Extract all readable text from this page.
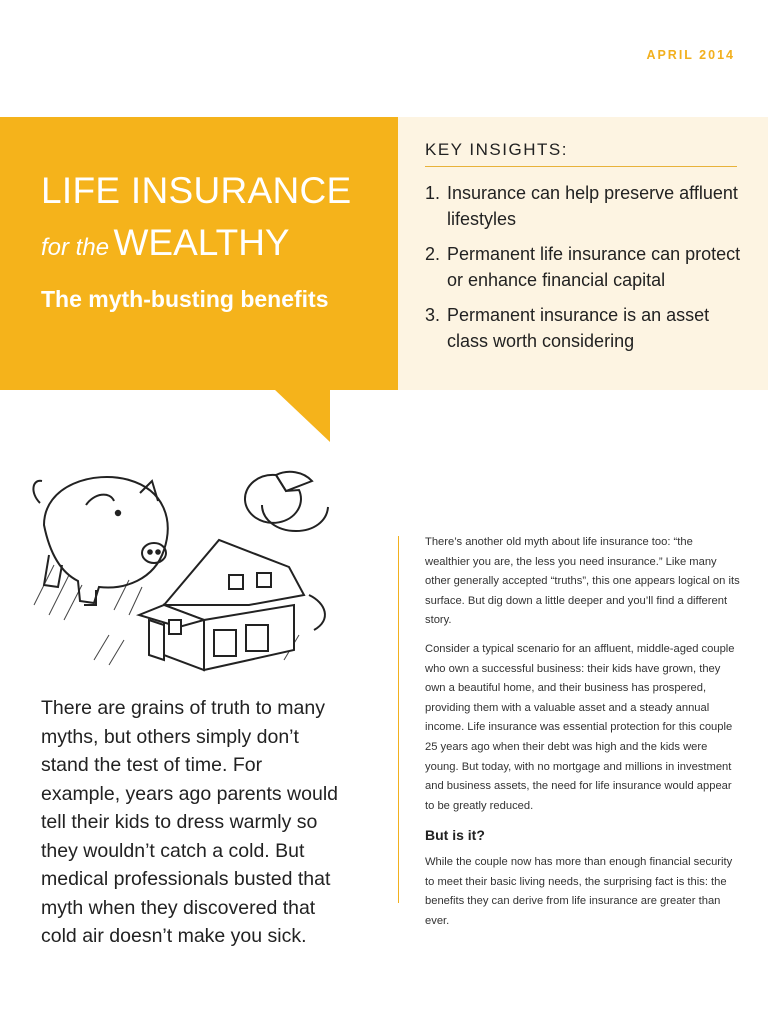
APRIL 2014
LIFE INSURANCE
for the WEALTHY
The myth-busting benefits
KEY INSIGHTS:
1. Insurance can help preserve affluent lifestyles
2. Permanent life insurance can protect or enhance financial capital
3. Permanent insurance is an asset class worth considering
There are grains of truth to many myths, but others simply don’t stand the test of time. For example, years ago parents would tell their kids to dress warmly so they wouldn’t catch a cold. But medical professionals busted that myth when they discovered that cold air doesn’t make you sick.

There’s another old myth about life insurance too: “the wealthier you are, the less you need insurance.” Like many other generally accepted “truths”, this one appears logical on its surface. But dig down a little deeper and you’ll find a different story.

Consider a typical scenario for an affluent, middle-aged couple who own a successful business: their kids have grown, they own a beautiful home, and their business has prospered, providing them with a valuable asset and a steady annual income. Life insurance was essential protection for this couple 25 years ago when their debt was high and the kids were young. But today, with no mortgage and millions in investment and business assets, the need for life insurance would appear to be greatly reduced.

But is it?

While the couple now has more than enough financial security to meet their basic living needs, the surprising fact is this: the benefits they can derive from life insurance are greater than ever.
